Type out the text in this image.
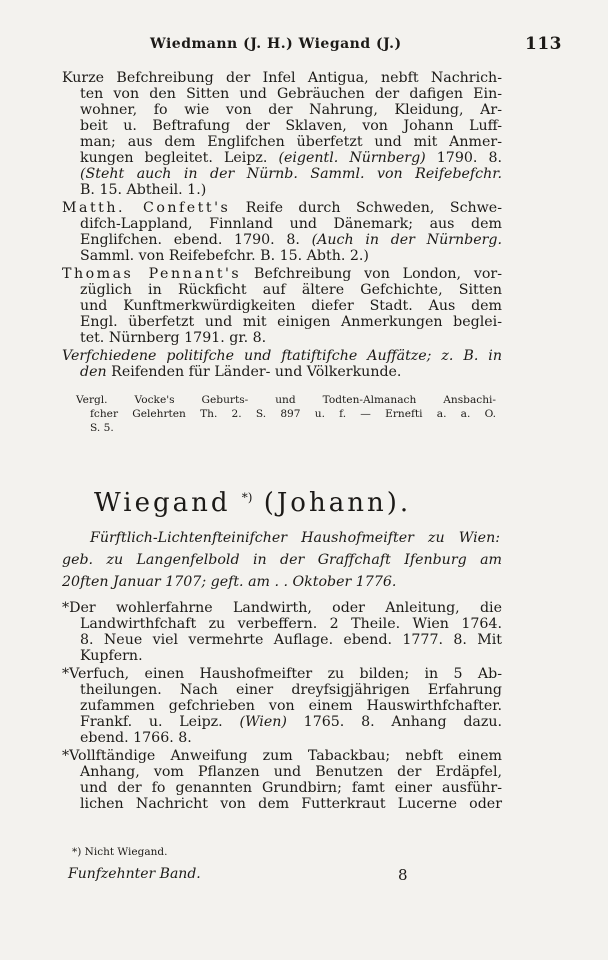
Wiedmann (J. H.) Wiegand (J.)	113
Kurze Befchreibung der Infel Antigua, nebft Nachrich-
ten von den Sitten und Gebräuchen der dafigen Ein-
wohner, fo wie von der Nahrung, Kleidung, Ar-
beit u. Beftrafung der Sklaven, von Johann Luff-
man; aus dem Englifchen überfetzt und mit Anmer-
kungen begleitet. Leipz. (eigentl. Nürnberg) 1790. 8.
(Steht auch in der Nürnb. Samml. von Reifebefchr.
B. 15. Abtheil. 1.)
Matth. Confett's Reife durch Schweden, Schwe-
difch-Lappland, Finnland und Dänemark; aus dem
Englifchen. ebend. 1790. 8. (Auch in der Nürnberg.
Samml. von Reifebefchr. B. 15. Abth. 2.)
Thomas Pennant's Befchreibung von London, vor-
züglich in Rückficht auf ältere Gefchichte, Sitten
und Kunftmerkwürdigkeiten diefer Stadt. Aus dem
Engl. überfetzt und mit einigen Anmerkungen beglei-
tet. Nürnberg 1791. gr. 8.
Verfchiedene politifche und ftatiftifche Auffätze; z. B. in
den Reifenden für Länder- und Völkerkunde.
Vergl. Vocke's Geburts- und Todten-Almanach Ansbachi-
fcher Gelehrten Th. 2. S. 897 u. f. — Ernefti a. a. O.
S. 5.
Wiegand *) (Johann).
Fürftlich-Lichtenfteinifcher Haushofmeifter zu Wien:
geb. zu Langenfelbold in der Graffchaft Ifenburg am
20ften Januar 1707; geft. am . . Oktober 1776.
*Der wohlerfahrne Landwirth, oder Anleitung, die
Landwirthfchaft zu verbeffern. 2 Theile. Wien 1764.
8. Neue viel vermehrte Auflage. ebend. 1777. 8. Mit
Kupfern.
*Verfuch, einen Haushofmeifter zu bilden; in 5 Ab-
theilungen. Nach einer dreyfsigjährigen Erfahrung
zufammen gefchrieben von einem Hauswirthfchafter.
Frankf. u. Leipz. (Wien) 1765. 8. Anhang dazu.
ebend. 1766. 8.
*Vollftändige Anweifung zum Tabackbau; nebft einem
Anhang, vom Pflanzen und Benutzen der Erdäpfel,
und der fo genannten Grundbirn; famt einer ausführ-
lichen Nachricht von dem Futterkraut Lucerne oder
*) Nicht Wiegand.
Funfzehnter Band.	8
